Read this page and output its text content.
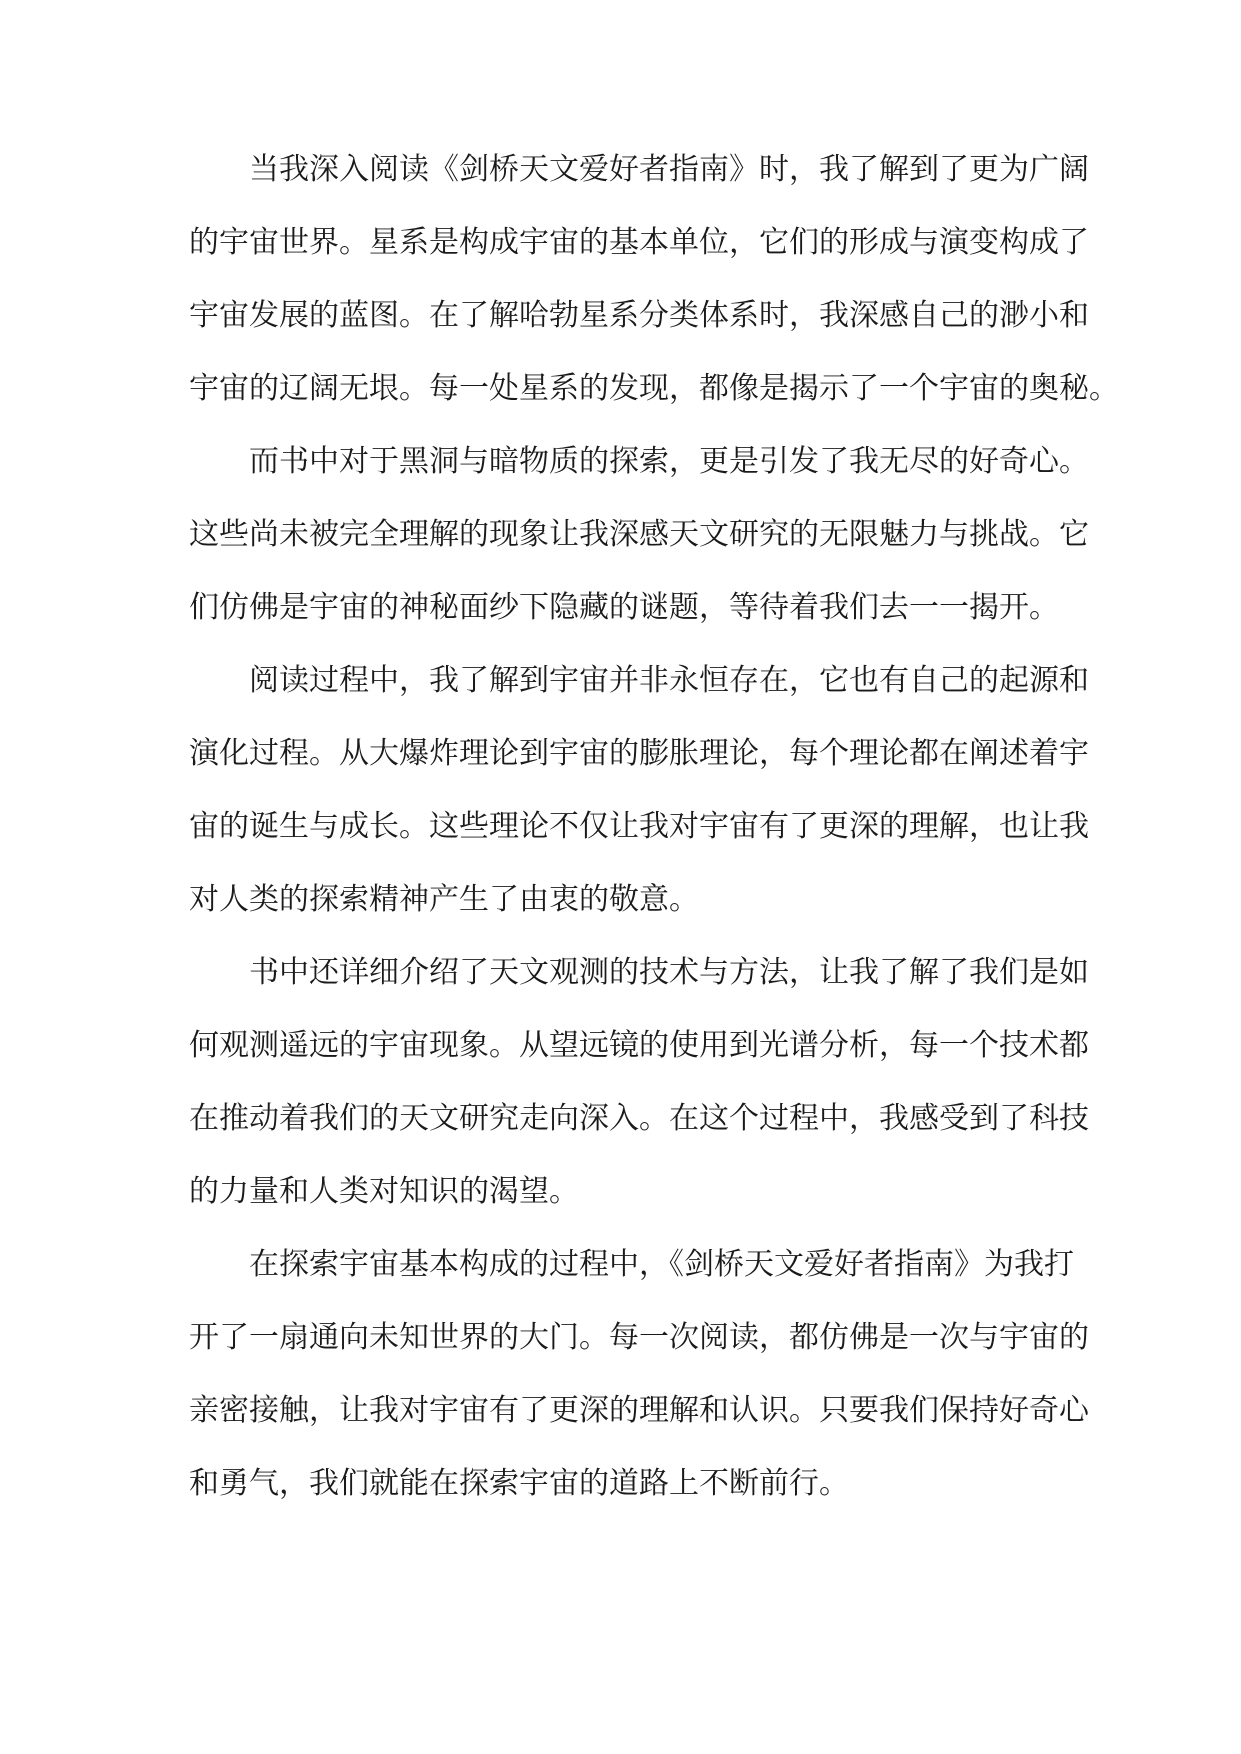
当我深入阅读《剑桥天文爱好者指南》时，我了解到了更为广阔
的宇宙世界。星系是构成宇宙的基本单位，它们的形成与演变构成了
宇宙发展的蓝图。在了解哈勃星系分类体系时，我深感自己的渺小和
宇宙的辽阔无垠。每一处星系的发现，都像是揭示了一个宇宙的奥秘。
而书中对于黑洞与暗物质的探索，更是引发了我无尽的好奇心。
这些尚未被完全理解的现象让我深感天文研究的无限魅力与挑战。它
们仿佛是宇宙的神秘面纱下隐藏的谜题，等待着我们去一一揭开。
阅读过程中，我了解到宇宙并非永恒存在，它也有自己的起源和
演化过程。从大爆炸理论到宇宙的膨胀理论，每个理论都在阐述着宇
宙的诞生与成长。这些理论不仅让我对宇宙有了更深的理解，也让我
对人类的探索精神产生了由衷的敬意。
书中还详细介绍了天文观测的技术与方法，让我了解了我们是如
何观测遥远的宇宙现象。从望远镜的使用到光谱分析，每一个技术都
在推动着我们的天文研究走向深入。在这个过程中，我感受到了科技
的力量和人类对知识的渴望。
在探索宇宙基本构成的过程中，《剑桥天文爱好者指南》为我打
开了一扇通向未知世界的大门。每一次阅读，都仿佛是一次与宇宙的
亲密接触，让我对宇宙有了更深的理解和认识。只要我们保持好奇心
和勇气，我们就能在探索宇宙的道路上不断前行。
